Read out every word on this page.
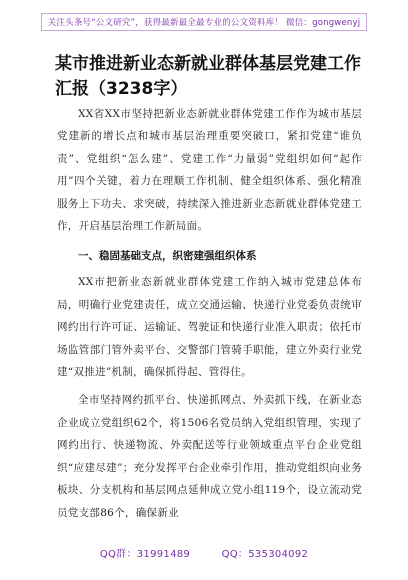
关注头条号“公文研究”，获得最新最全最专业的公文资料库！ 微信：gongwenyj
某市推进新业态新就业群体基层党建工作汇报（3238字）

XX省XX市坚持把新业态新就业群体党建工作作为城市基层党建新的增长点和城市基层治理重要突破口，紧扣党建“谁负责”、党组织“怎么建”、党建工作“力量弱”党组织如何“起作用”四个关键，着力在理顺工作机制、健全组织体系、强化精准服务上下功夫、求突破，持续深入推进新业态新就业群体党建工作，开启基层治理工作新局面。

一、稳固基础支点，织密建强组织体系

XX市把新业态新就业群体党建工作纳入城市党建总体布局，明确行业党建责任，成立交通运输、快递行业党委负责统审网约出行许可证、运输证、驾驶证和快递行业准入职责；依托市场监管部门管外卖平台、交警部门管骑手职能，建立外卖行业党建“双推进”机制，确保抓得起、管得住。

全市坚持网约抓平台、快递抓网点、外卖抓下线，在新业态企业成立党组织62个，将1506名党员纳入党组织管理，实现了网约出行、快递物流、外卖配送等行业领域重点平台企业党组织“应建尽建”；充分发挥平台企业牵引作用，推动党组织向业务板块、分支机构和基层网点延伸成立党小组119个，设立流动党员党支部86个，确保新业

QQ群：31991489	QQ：535304092
